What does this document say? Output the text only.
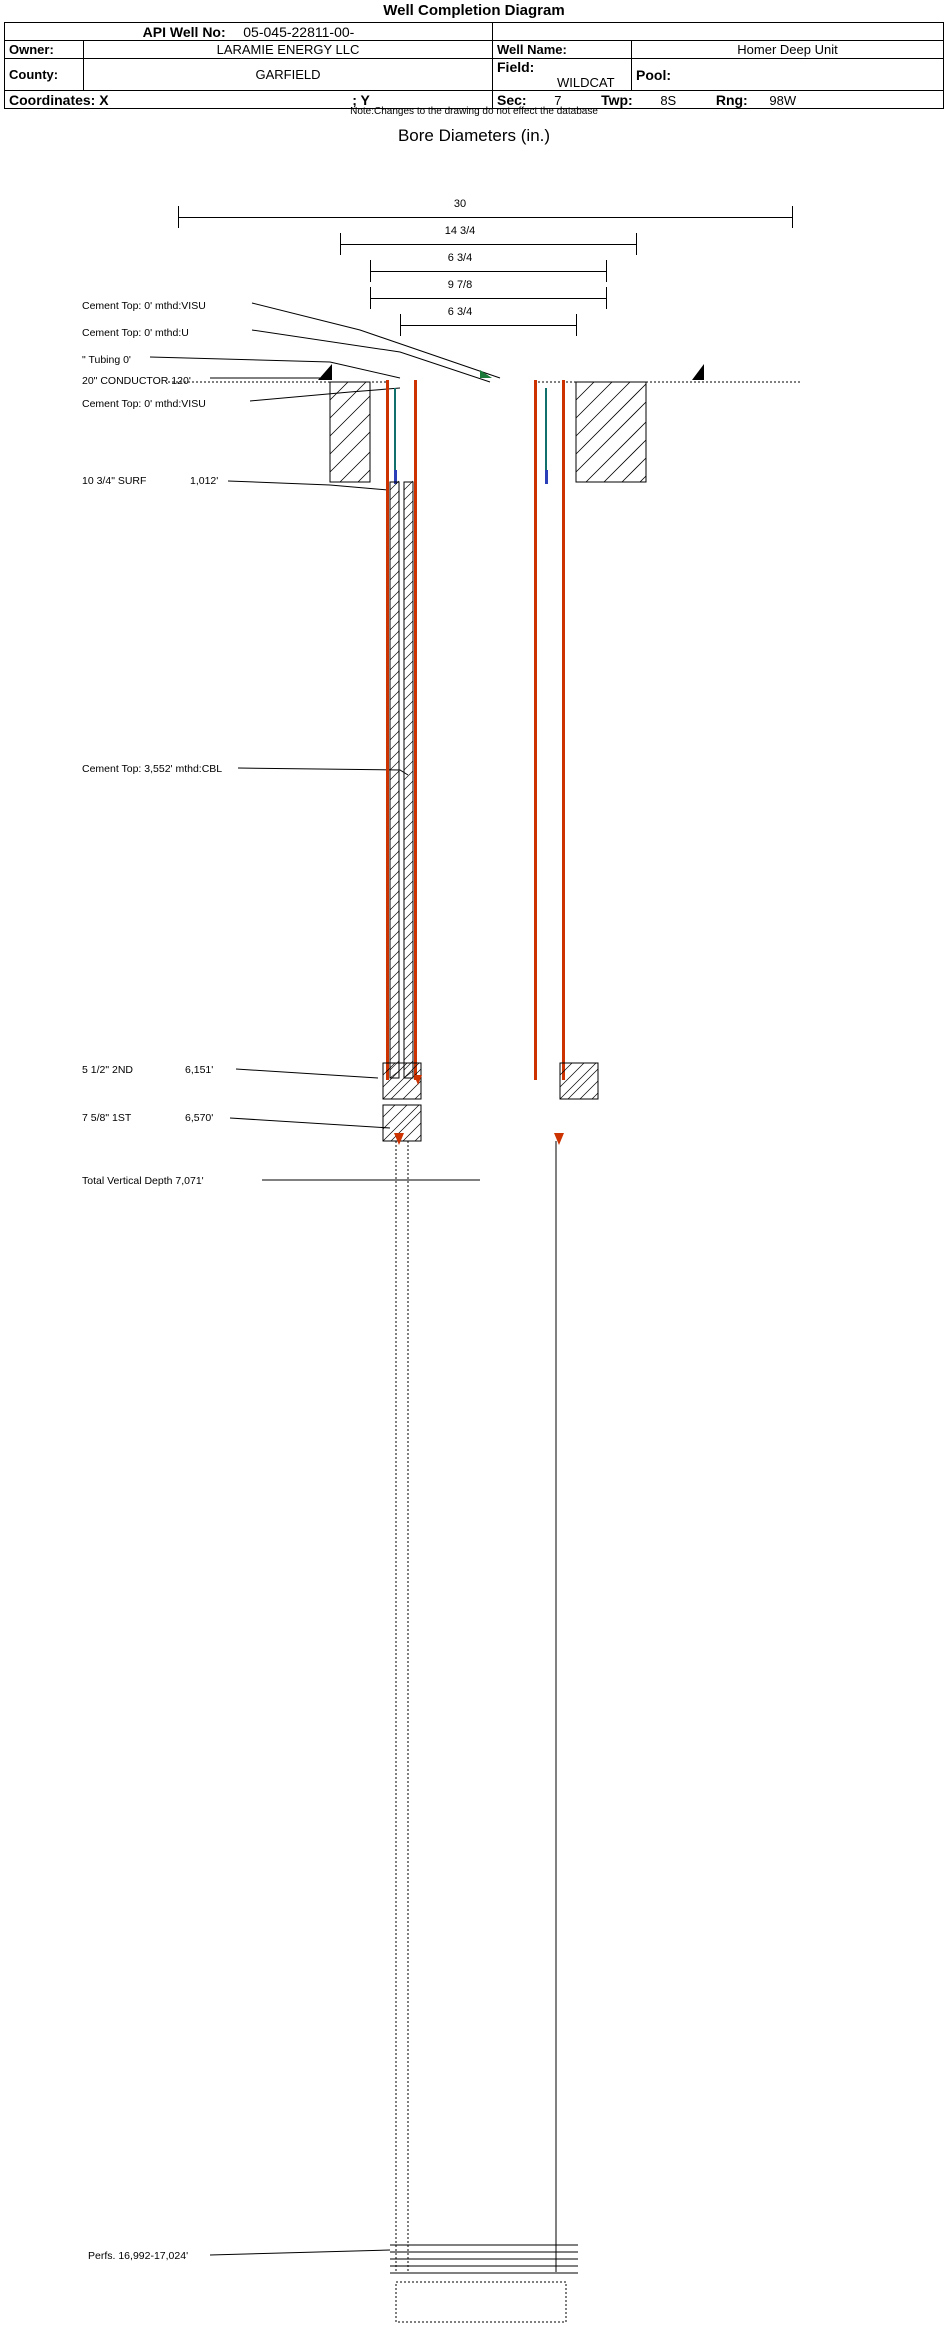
Well Completion Diagram
API Well No: 05-045-22811-00-			
Owner:	LARAMIE ENERGY LLC	Well Name:	Homer Deep Unit
County:	GARFIELD	Field: WILDCAT	Pool:
Coordinates: X ; Y		Sec: 7 Twp: 8S Rng: 98W	
Note:Changes to the drawing do not effect the database
Bore Diameters (in.)
30
14 3/4
6 3/4
9 7/8
6 3/4
Cement Top: 0' mthd:VISU
Cement Top: 0' mthd:U
" Tubing 0'
20" CONDUCTOR 120'
Cement Top: 0' mthd:VISU
10 3/4" SURF	1,012'
Cement Top: 3,552' mthd:CBL
5 1/2" 2ND	6,151'
7 5/8" 1ST	6,570'
Total Vertical Depth 7,071'
Perfs. 16,992-17,024'
